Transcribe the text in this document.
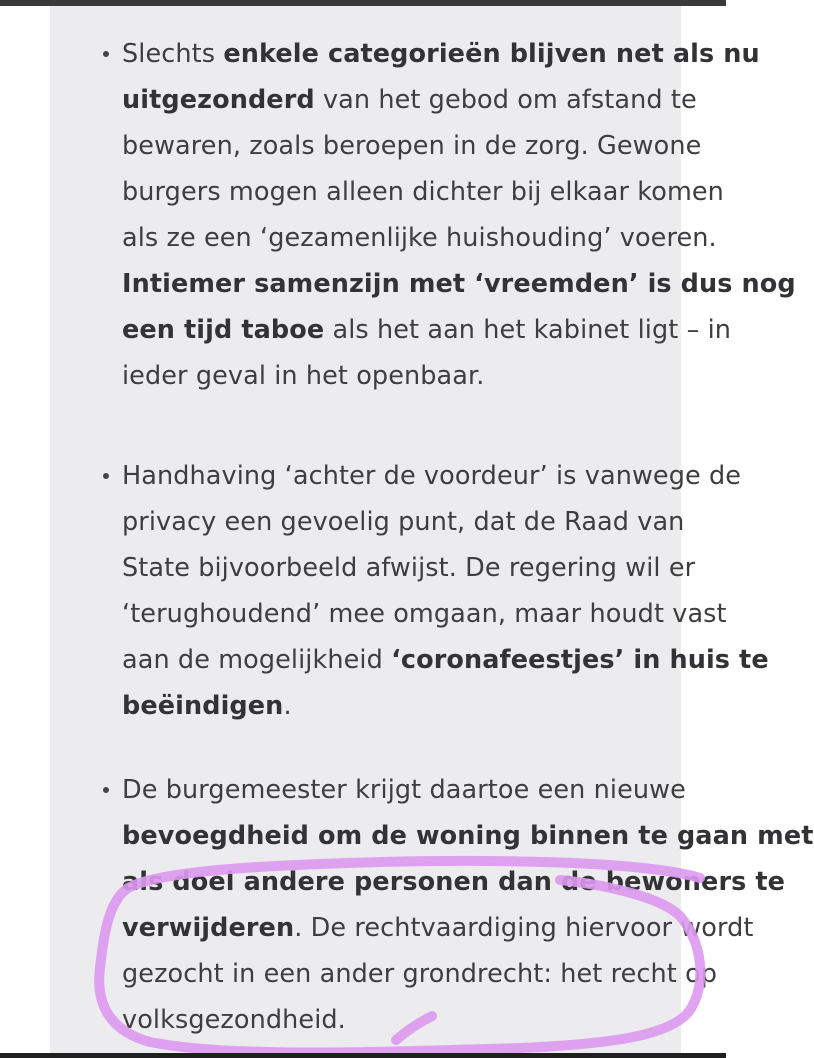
Slechts enkele categorieën blijven net als nu
uitgezonderd van het gebod om afstand te
bewaren, zoals beroepen in de zorg. Gewone
burgers mogen alleen dichter bij elkaar komen
als ze een ‘gezamenlijke huishouding’ voeren.
Intiemer samenzijn met ‘vreemden’ is dus nog
een tijd taboe als het aan het kabinet ligt – in
ieder geval in het openbaar.
Handhaving ‘achter de voordeur’ is vanwege de
privacy een gevoelig punt, dat de Raad van
State bijvoorbeeld afwijst. De regering wil er
‘terughoudend’ mee omgaan, maar houdt vast
aan de mogelijkheid ‘coronafeestjes’ in huis te
beëindigen.
De burgemeester krijgt daartoe een nieuwe
bevoegdheid om de woning binnen te gaan met
als doel andere personen dan de bewoners te
verwijderen. De rechtvaardiging hiervoor wordt
gezocht in een ander grondrecht: het recht op
volksgezondheid.
